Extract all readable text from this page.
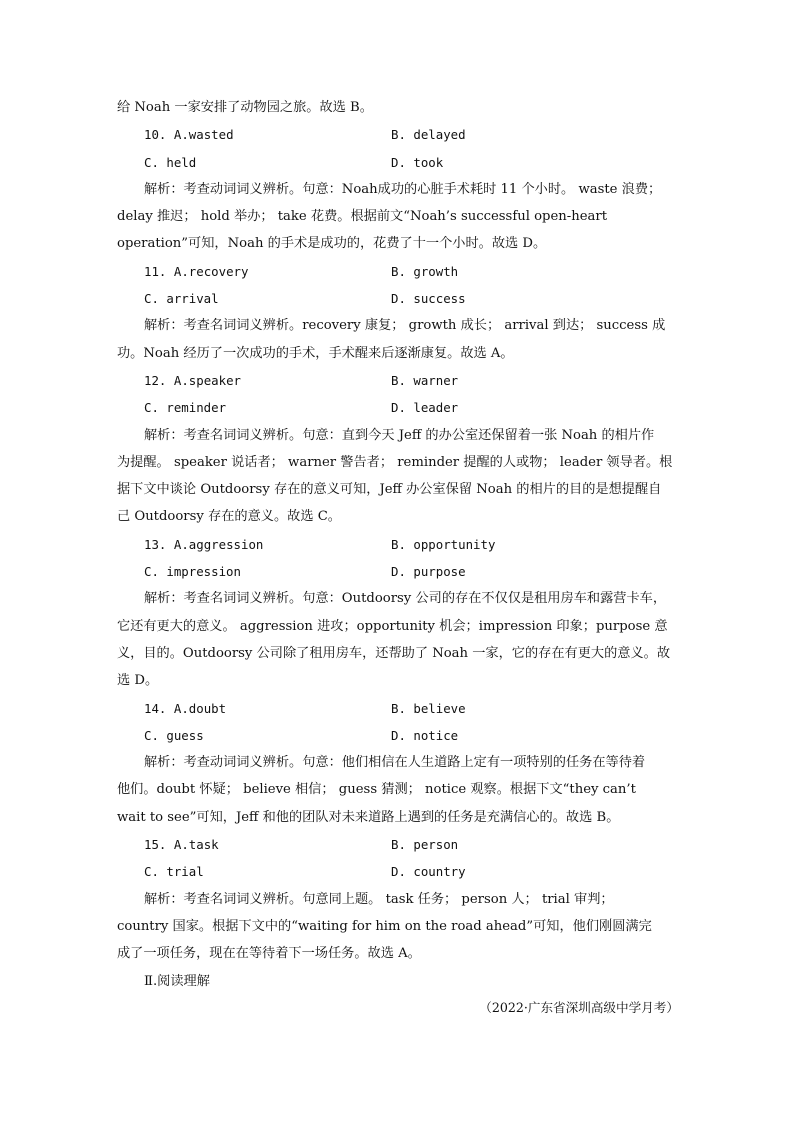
给 Noah 一家安排了动物园之旅。故选 B。
10. A.wasted	B. delayed
C. held	D. took
解析：考查动词词义辨析。句意：Noah成功的心脏手术耗时 11 个小时。 waste 浪费；
delay 推迟； hold 举办； take 花费。根据前文“Noah’s successful open-heart
operation”可知，Noah 的手术是成功的，花费了十一个小时。故选 D。
11. A.recovery	B. growth
C. arrival	D. success
解析：考查名词词义辨析。recovery 康复； growth 成长； arrival 到达； success 成
功。Noah 经历了一次成功的手术，手术醒来后逐渐康复。故选 A。
12. A.speaker	B. warner
C. reminder	D. leader
解析：考查名词词义辨析。句意：直到今天 Jeff 的办公室还保留着一张 Noah 的相片作
为提醒。 speaker 说话者； warner 警告者； reminder 提醒的人或物； leader 领导者。根
据下文中谈论 Outdoorsy 存在的意义可知，Jeff 办公室保留 Noah 的相片的目的是想提醒自
己 Outdoorsy 存在的意义。故选 C。
13. A.aggression	B. opportunity
C. impression	D. purpose
解析：考查名词词义辨析。句意：Outdoorsy 公司的存在不仅仅是租用房车和露营卡车，
它还有更大的意义。 aggression 进攻；opportunity 机会；impression 印象；purpose 意
义，目的。Outdoorsy 公司除了租用房车，还帮助了 Noah 一家，它的存在有更大的意义。故
选 D。
14. A.doubt	B. believe
C. guess	D. notice
解析：考查动词词义辨析。句意：他们相信在人生道路上定有一项特别的任务在等待着
他们。doubt 怀疑； believe 相信； guess 猜测； notice 观察。根据下文“they can’t
wait to see”可知，Jeff 和他的团队对未来道路上遇到的任务是充满信心的。故选 B。
15. A.task	B. person
C. trial	D. country
解析：考查名词词义辨析。句意同上题。 task 任务； person 人； trial 审判；
country 国家。根据下文中的“waiting for him on the road ahead”可知，他们刚圆满完
成了一项任务，现在在等待着下一场任务。故选 A。
Ⅱ.阅读理解
（2022·广东省深圳高级中学月考）
